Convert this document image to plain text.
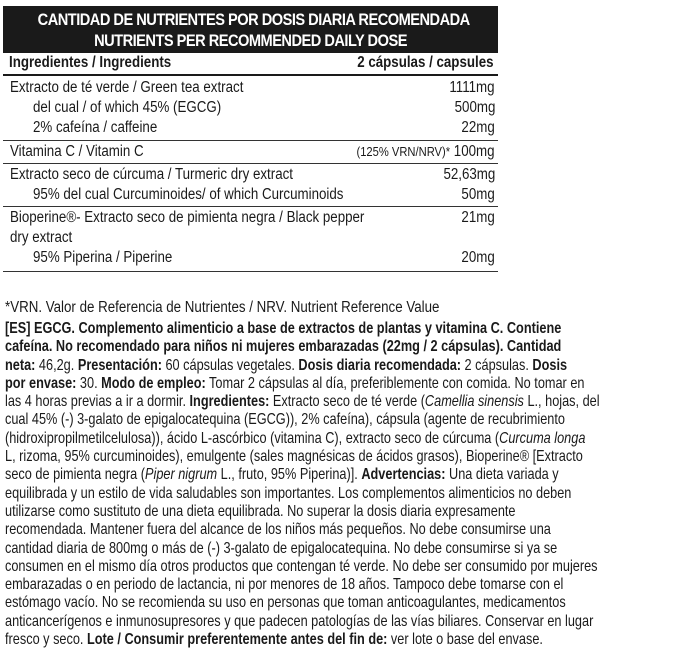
CANTIDAD DE NUTRIENTES POR DOSIS DIARIA RECOMENDADA
NUTRIENTS PER RECOMMENDED DAILY DOSE
Ingredientes / Ingredients	2 cápsulas / capsules
Extracto de té verde / Green tea extract	1111mg
del cual / of which 45% (EGCG)	500mg
2% cafeína / caffeine	22mg
Vitamina C / Vitamin C	(125% VRN/NRV)* 100mg
Extracto seco de cúrcuma / Turmeric dry extract	52,63mg
95% del cual Curcuminoides/ of which Curcuminoids	50mg
Bioperine®- Extracto seco de pimienta negra / Black pepper	21mg
dry extract
95% Piperina / Piperine	20mg
*VRN. Valor de Referencia de Nutrientes / NRV. Nutrient Reference Value

[ES] EGCG. Complemento alimenticio a base de extractos de plantas y vitamina C. Contiene

cafeína. No recomendado para niños ni mujeres embarazadas (22mg / 2 cápsulas). Cantidad

neta: 46,2g. Presentación: 60 cápsulas vegetales. Dosis diaria recomendada: 2 cápsulas. Dosis

por envase: 30. Modo de empleo: Tomar 2 cápsulas al día, preferiblemente con comida. No tomar en

las 4 horas previas a ir a dormir. Ingredientes: Extracto seco de té verde (Camellia sinensis L., hojas, del

cual 45% (-) 3-galato de epigalocatequina (EGCG)), 2% cafeína), cápsula (agente de recubrimiento

(hidroxipropilmetilcelulosa)), ácido L-ascórbico (vitamina C), extracto seco de cúrcuma (Curcuma longa

L, rizoma, 95% curcuminoides), emulgente (sales magnésicas de ácidos grasos), Bioperine® [Extracto

seco de pimienta negra (Piper nigrum L., fruto, 95% Piperina)]. Advertencias: Una dieta variada y

equilibrada y un estilo de vida saludables son importantes. Los complementos alimenticios no deben

utilizarse como sustituto de una dieta equilibrada. No superar la dosis diaria expresamente

recomendada. Mantener fuera del alcance de los niños más pequeños. No debe consumirse una

cantidad diaria de 800mg o más de (-) 3-galato de epigalocatequina. No debe consumirse si ya se

consumen en el mismo día otros productos que contengan té verde. No debe ser consumido por mujeres

embarazadas o en periodo de lactancia, ni por menores de 18 años. Tampoco debe tomarse con el

estómago vacío. No se recomienda su uso en personas que toman anticoagulantes, medicamentos

anticancerígenos e inmunosupresores y que padecen patologías de las vías biliares. Conservar en lugar

fresco y seco. Lote / Consumir preferentemente antes del fin de: ver lote o base del envase.
